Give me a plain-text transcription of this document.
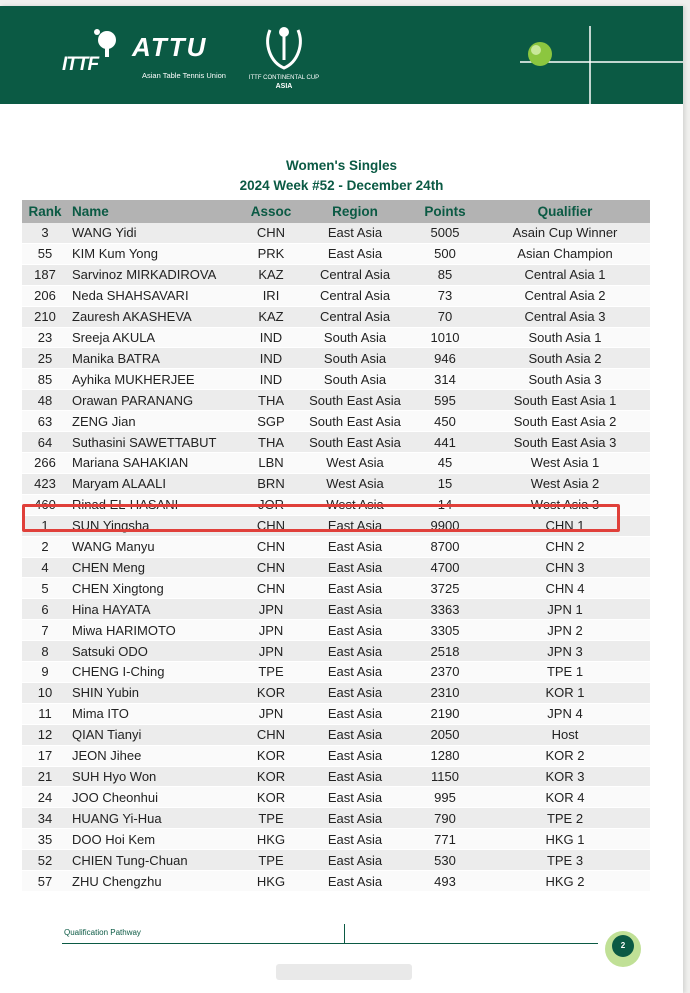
ITTF
ATTU
Asian Table Tennis Union	ITTF CONTINENTAL CUP
ASIA
Women's Singles
2024 Week #52 - December 24th
Rank	Name	Assoc	Region	Points	Qualifier
3	WANG Yidi	CHN	East Asia	5005	Asain Cup Winner
55	KIM Kum Yong	PRK	East Asia	500	Asian Champion
187	Sarvinoz MIRKADIROVA	KAZ	Central Asia	85	Central Asia 1
206	Neda SHAHSAVARI	IRI	Central Asia	73	Central Asia 2
210	Zauresh AKASHEVA	KAZ	Central Asia	70	Central Asia 3
23	Sreeja AKULA	IND	South Asia	1010	South Asia 1
25	Manika BATRA	IND	South Asia	946	South Asia 2
85	Ayhika MUKHERJEE	IND	South Asia	314	South Asia 3
48	Orawan PARANANG	THA	South East Asia	595	South East Asia 1
63	ZENG Jian	SGP	South East Asia	450	South East Asia 2
64	Suthasini SAWETTABUT	THA	South East Asia	441	South East Asia 3
266	Mariana SAHAKIAN	LBN	West Asia	45	West Asia 1
423	Maryam ALAALI	BRN	West Asia	15	West Asia 2
460	Rinad EL-HASANI	JOR	West Asia	14	West Asia 3
1	SUN Yingsha	CHN	East Asia	9900	CHN 1
2	WANG Manyu	CHN	East Asia	8700	CHN 2
4	CHEN Meng	CHN	East Asia	4700	CHN 3
5	CHEN Xingtong	CHN	East Asia	3725	CHN 4
6	Hina HAYATA	JPN	East Asia	3363	JPN 1
7	Miwa HARIMOTO	JPN	East Asia	3305	JPN 2
8	Satsuki ODO	JPN	East Asia	2518	JPN 3
9	CHENG I-Ching	TPE	East Asia	2370	TPE 1
10	SHIN Yubin	KOR	East Asia	2310	KOR 1
11	Mima ITO	JPN	East Asia	2190	JPN 4
12	QIAN Tianyi	CHN	East Asia	2050	Host
17	JEON Jihee	KOR	East Asia	1280	KOR 2
21	SUH Hyo Won	KOR	East Asia	1150	KOR 3
24	JOO Cheonhui	KOR	East Asia	995	KOR 4
34	HUANG Yi-Hua	TPE	East Asia	790	TPE 2
35	DOO Hoi Kem	HKG	East Asia	771	HKG 1
52	CHIEN Tung-Chuan	TPE	East Asia	530	TPE 3
57	ZHU Chengzhu	HKG	East Asia	493	HKG 2
Qualification Pathway
2
